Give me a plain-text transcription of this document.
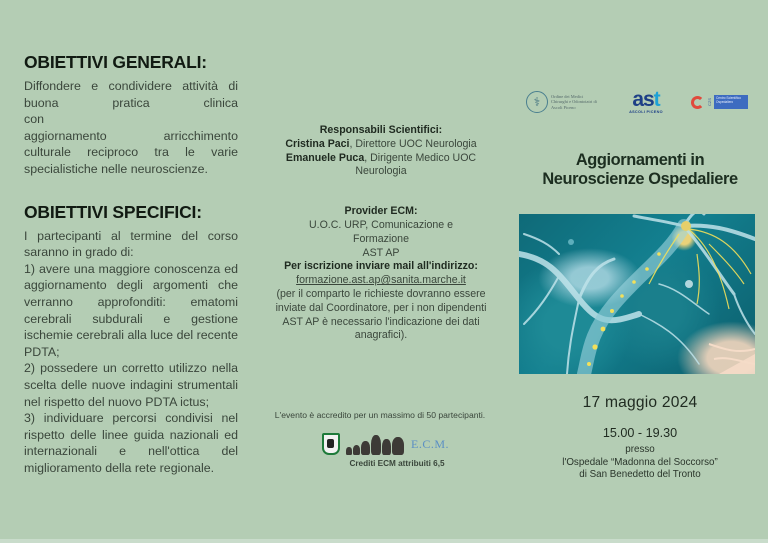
OBIETTIVI GENERALI:

Diffondere e condividere attività di

buona pratica clinica con

aggiornamento arricchimento

culturale reciproco tra le varie

specialistiche nelle neuroscienze.

OBIETTIVI SPECIFICI:

I partecipanti al termine del corso saranno in grado di:

1) avere una maggiore conoscenza ed aggiornamento degli argomenti che verranno approfonditi: ematomi cerebrali subdurali e gestione ischemie cerebrali alla luce del recente PDTA;

2) possedere un corretto utilizzo nella scelta delle nuove indagini strumentali nel rispetto del nuovo PDTA ictus;

3) individuare percorsi condivisi nel rispetto delle linee guida nazionali ed internazionali e nell'ottica del miglioramento della rete regionale.

Responsabili Scientifici:
Cristina Paci, Direttore UOC Neurologia
Emanuele Puca, Dirigente Medico UOC Neurologia
Provider ECM:
U.O.C. URP, Comunicazione e
Formazione
AST AP
Per iscrizione inviare mail all'indirizzo:
formazione.ast.ap@sanita.marche.it
(per il comparto le richieste dovranno essere inviate dal Coordinatore, per i non dipendenti AST AP è necessario l'indicazione dei dati anagrafici).
L'evento è accredito per un massimo di 50 partecipanti.
E.C.M.
Crediti ECM attribuiti 6,5
⚕	Ordine dei Medici Chirurghi e Odontoiatri di Ascoli Piceno	ast
ASCOLI PICENO
CZS	Centro Scientifico Ospedaliero
Aggiornamenti in
Neuroscienze Ospedaliere
17 maggio 2024
15.00 - 19.30
presso
l'Ospedale “Madonna del Soccorso”
di San Benedetto del Tronto
